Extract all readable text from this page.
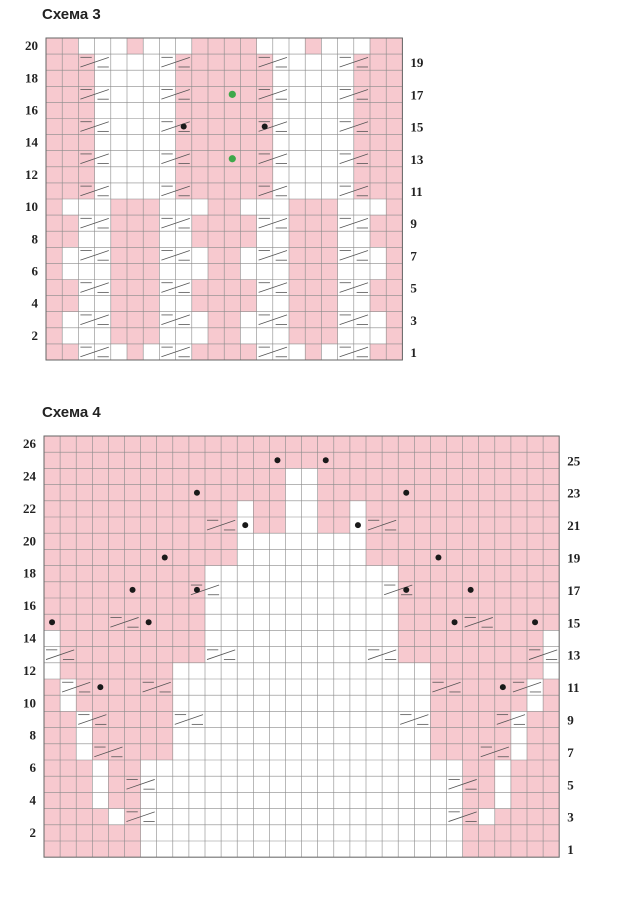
Схема 3
Схема 4
20
18
16
14
12
10
8
6
4
2
19
17
15
13
11
9
7
5
3
1
26
24
22
20
18
16
14
12
10
8
6
4
2
25
23
21
19
17
15
13
11
9
7
5
3
1
